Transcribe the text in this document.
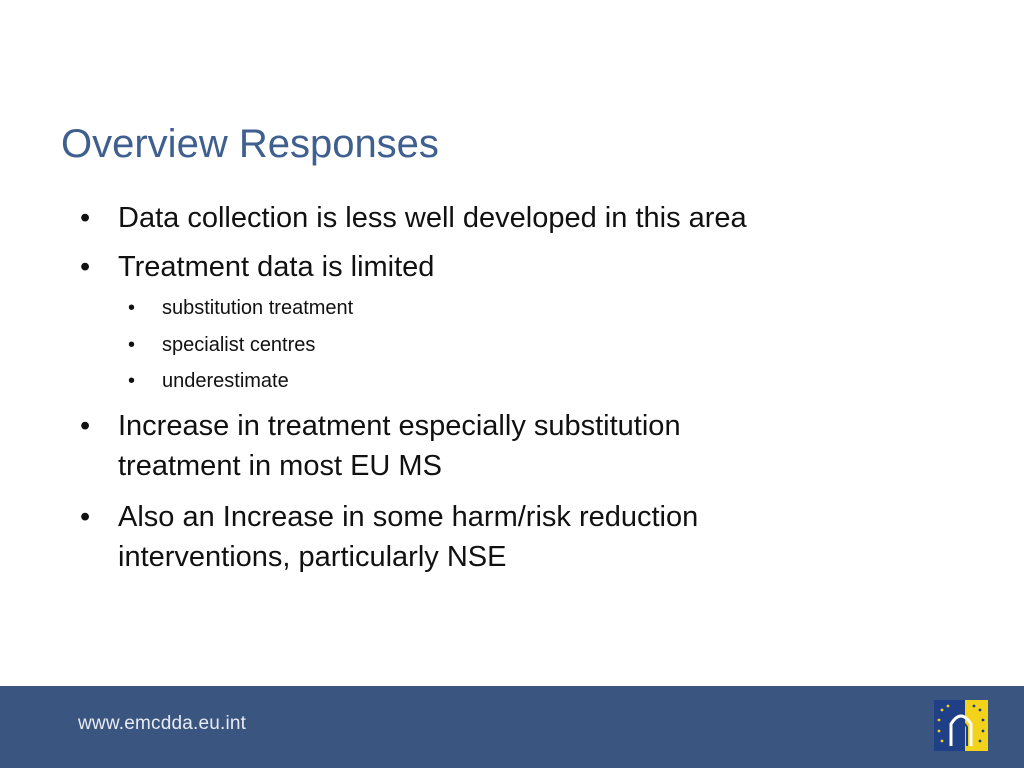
Overview Responses
• Data collection is less well developed in this area
• Treatment data is limited
• substitution treatment
• specialist centres
• underestimate
• Increase in treatment especially substitution
treatment in most EU MS
• Also an Increase in some harm/risk reduction
interventions, particularly NSE
www.emcdda.eu.int
